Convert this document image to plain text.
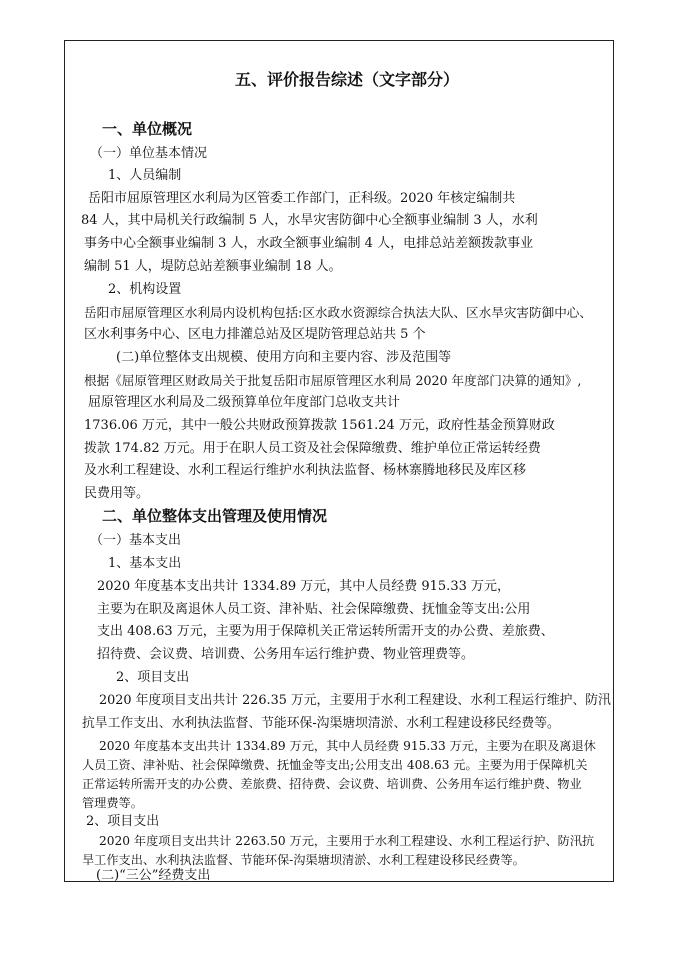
五、评价报告综述（文字部分）
一、单位概况
（一）单位基本情况
1、人员编制
岳阳市屈原管理区水利局为区管委工作部门，正科级。2020 年核定编制共
84 人，其中局机关行政编制 5 人，水旱灾害防御中心全额事业编制 3 人，水利
事务中心全额事业编制 3 人，水政全额事业编制 4 人，电排总站差额拨款事业
编制 51 人，堤防总站差额事业编制 18 人。
2、机构设置
岳阳市屈原管理区水利局内设机构包括:区水政水资源综合执法大队、区水旱灾害防御中心、
区水利事务中心、区电力排灌总站及区堤防管理总站共 5 个
(二)单位整体支出规模、使用方向和主要内容、涉及范围等
根据《屈原管理区财政局关于批复岳阳市屈原管理区水利局 2020 年度部门决算的通知》,
屈原管理区水利局及二级预算单位年度部门总收支共计
1736.06 万元，其中一般公共财政预算拨款 1561.24 万元，政府性基金预算财政
拨款 174.82 万元。用于在职人员工资及社会保障缴费、维护单位正常运转经费
及水利工程建设、水利工程运行维护水利执法监督、杨林寨腾地移民及库区移
民费用等。
二、单位整体支出管理及使用情况
（一）基本支出
1、基本支出
2020 年度基本支出共计 1334.89 万元，其中人员经费 915.33 万元，
主要为在职及离退休人员工资、津补贴、社会保障缴费、抚恤金等支出:公用
支出 408.63 万元，主要为用于保障机关正常运转所需开支的办公费、差旅费、
招待费、会议费、培训费、公务用车运行维护费、物业管理费等。
2、项目支出
2020 年度项目支出共计 226.35 万元，主要用于水利工程建设、水利工程运行维护、防汛
抗旱工作支出、水利执法监督、节能环保-沟渠塘坝清淤、水利工程建设移民经费等。
2020 年度基本支出共计 1334.89 万元，其中人员经费 915.33 万元，主要为在职及离退休
人员工资、津补贴、社会保障缴费、抚恤金等支出;公用支出 408.63 元。主要为用于保障机关
正常运转所需开支的办公费、差旅费、招待费、会议费、培训费、公务用车运行维护费、物业
管理费等。
2、项目支出
2020 年度项目支出共计 2263.50 万元，主要用于水利工程建设、水利工程运行护、防汛抗
旱工作支出、水利执法监督、节能环保-沟渠塘坝清淤、水利工程建设移民经费等。
(二)“三公”经费支出
